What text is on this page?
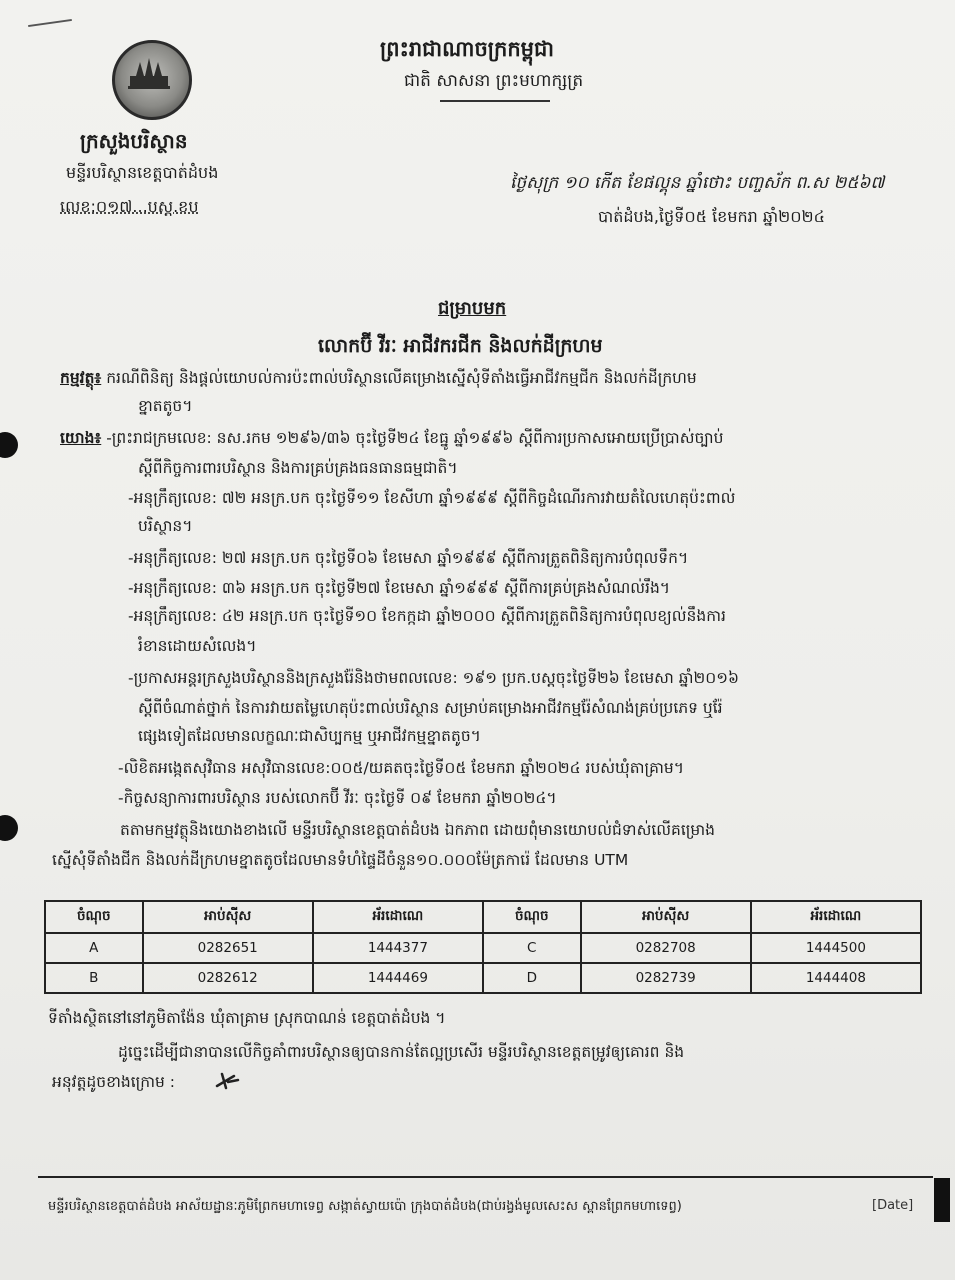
ក្រសួងបរិស្ថាន
មន្ទីរបរិស្ថានខេត្តបាត់ដំបង
លេខ:០១៧...បស្ត.ខប
ព្រះរាជាណាចក្រកម្ពុជា
ជាតិ សាសនា ព្រះមហាក្សត្រ
ថ្ងៃសុក្រ ១០ កើត ខែផល្គុន ឆ្នាំថោះ បញ្ចស័ក ព.ស ២៥៦៧
បាត់ដំបង,ថ្ងៃទី០៥ ខែមករា ឆ្នាំ២០២៤
ជម្រាបមក
លោកប៊ី វីរៈ អាជីវករជីក និងលក់ដីក្រហម
កម្មវត្ថុ៖ ករណីពិនិត្យ និងផ្តល់យោបល់ការប៉ះពាល់បរិស្ថានលើគម្រោងស្នើសុំទីតាំងធ្វើអាជីវកម្មជីក និងលក់ដីក្រហម
ខ្នាតតូច។
យោង៖ -ព្រះរាជក្រមលេខ: នស.រកម ១២៩៦/៣៦ ចុះថ្ងៃទី២៤ ខែធ្នូ ឆ្នាំ១៩៩៦ ស្តីពីការប្រកាសអោយប្រើប្រាស់ច្បាប់
ស្តីពីកិច្ចការពារបរិស្ថាន និងការគ្រប់គ្រងធនធានធម្មជាតិ។
-អនុក្រឹត្យលេខ: ៧២ អនក្រ.បក ចុះថ្ងៃទី១១ ខែសីហា ឆ្នាំ១៩៩៩ ស្តីពីកិច្ចដំណើរការវាយតំលៃហេតុប៉ះពាល់
បរិស្ថាន។
-អនុក្រឹត្យលេខ: ២៧ អនក្រ.បក ចុះថ្ងៃទី០៦ ខែមេសា ឆ្នាំ១៩៩៩ ស្តីពីការត្រួតពិនិត្យការបំពុលទឹក។
-អនុក្រឹត្យលេខ: ៣៦ អនក្រ.បក ចុះថ្ងៃទី២៧ ខែមេសា ឆ្នាំ១៩៩៩ ស្តីពីការគ្រប់គ្រងសំណល់រឹង។
-អនុក្រឹត្យលេខ: ៤២ អនក្រ.បក ចុះថ្ងៃទី១០ ខែកក្កដា ឆ្នាំ២០០០ ស្តីពីការត្រួតពិនិត្យការបំពុលខ្យល់នឹងការ
រំខានដោយសំលេង។
-ប្រកាសអន្តរក្រសួងបរិស្ថាននិងក្រសួងរ៉ែនិងថាមពលលេខ: ១៩១ ប្រក.បស្តចុះថ្ងៃទី២៦ ខែមេសា ឆ្នាំ២០១៦
ស្តីពីចំណាត់ថ្នាក់ នៃការវាយតម្លៃហេតុប៉ះពាល់បរិស្ថាន សម្រាប់គម្រោងអាជីវកម្មរ៉ែសំណង់គ្រប់ប្រភេទ ឬរ៉ែ
ផ្សេងទៀតដែលមានលក្ខណៈជាសិប្បកម្ម ឬអាជីវកម្មខ្នាតតូច។
-លិខិតអង្កេតសុវិធាន អសុវិធានលេខ:០០៥/យគតចុះថ្ងៃទី០៥ ខែមករា ឆ្នាំ២០២៤ របស់ឃុំតាគ្រាម។
-កិច្ចសន្យាការពារបរិស្ថាន របស់លោកប៊ី វីរៈ ចុះថ្ងៃទី ០៩ ខែមករា ឆ្នាំ២០២៤។
តតាមកម្មវត្ថុនិងយោងខាងលើ មន្ទីរបរិស្ថានខេត្តបាត់ដំបង ឯកភាព ដោយពុំមានយោបល់ជំទាស់លើគម្រោង
ស្នើសុំទីតាំងជីក និងលក់ដីក្រហមខ្នាតតូចដែលមានទំហំផ្ទៃដីចំនួន១០.០០០ម៉ែត្រការ៉េ ដែលមាន UTM
ចំណុច	អាប់ស៊ីស	អ័រដោណេ	ចំណុច	អាប់ស៊ីស	អ័រដោណេ
A	0282651	1444377	C	0282708	1444500
B	0282612	1444469	D	0282739	1444408
ទីតាំងស្ថិតនៅនៅភូមិតាង៉ែន ឃុំតាគ្រាម ស្រុកបាណន់ ខេត្តបាត់ដំបង ។
ដូច្នេះដើម្បីជានាបានលើកិច្ចគាំពារបរិស្ថានឲ្យបានកាន់តែល្អប្រសើរ មន្ទីរបរិស្ថានខេត្តតម្រូវឲ្យគោរព និង
អនុវត្តដូចខាងក្រោម :
មន្ទីរបរិស្ថានខេត្តបាត់ដំបង អាស័យដ្ឋានៈភូមិព្រែកមហាទេព្វ សង្កាត់ស្វាយប៉ោ ក្រុងបាត់ដំបង(ជាប់រង្វង់មូលសេះស ស្ពានព្រែកមហាទេព្វ)	[Date]
